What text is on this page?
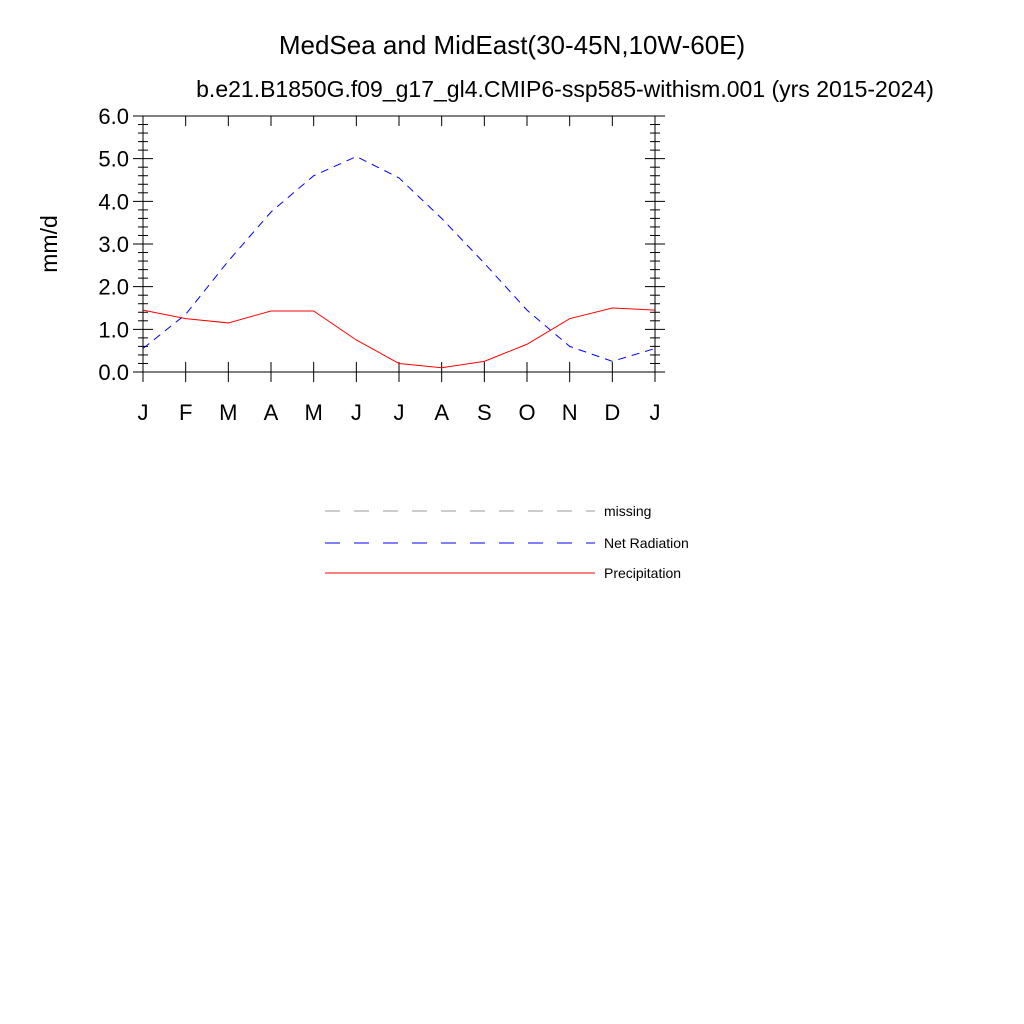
MedSea and MidEast(30-45N,10W-60E)
b.e21.B1850G.f09_g17_gl4.CMIP6-ssp585-withism.001 (yrs 2015-2024)
mm/d
J F M A M J J A S O N D J
0.0
1.0
2.0
3.0
4.0
5.0
6.0
missing
Net Radiation
Precipitation
